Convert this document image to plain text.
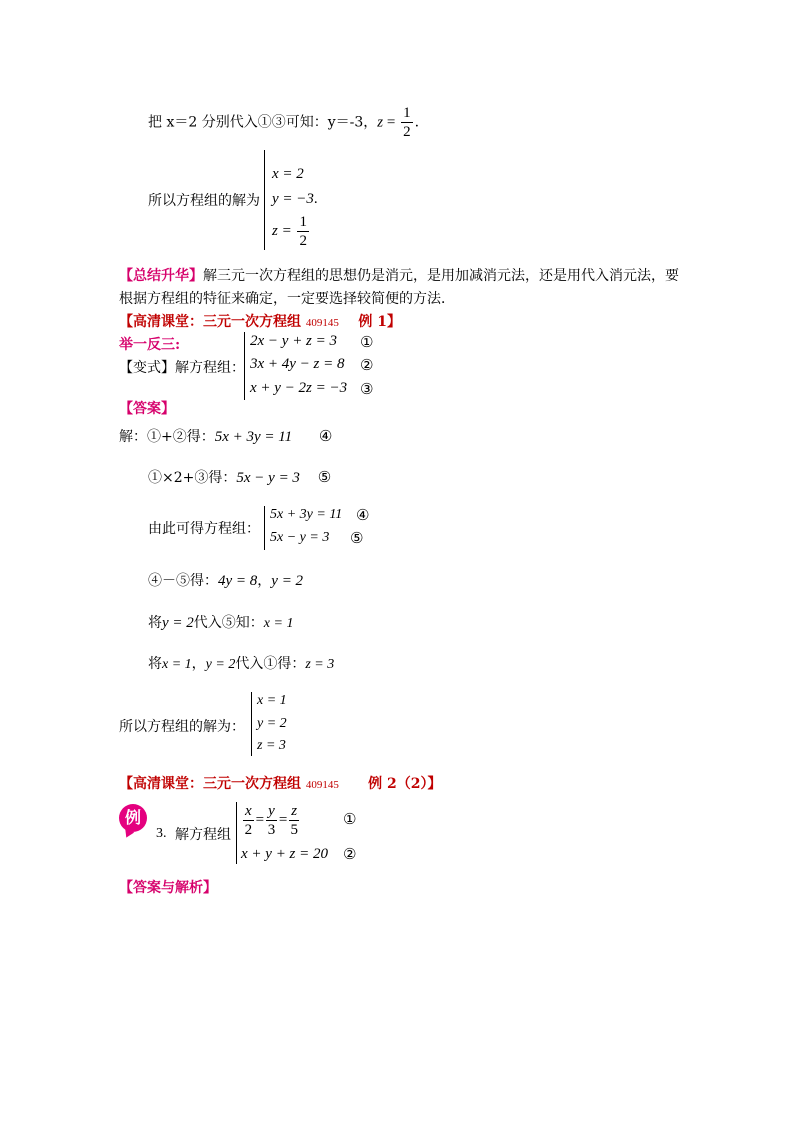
把 x＝2 分别代入①③可知：y＝-3，$z = \frac{1}{2}$ .
所以方程组的解为
x = 2
y = −3.
$z = \frac{1}{2}$
【总结升华】解三元一次方程组的思想仍是消元，是用加减消元法，还是用代入消元法，要
根据方程组的特征来确定，一定要选择较简便的方法．
【高清课堂：三元一次方程组 409145 例 1】
举一反三:
【变式】解方程组：
2x − y + z = 3 ①
3x + 4y − z = 8 ②
x + y − 2z = −3 ③
【答案】
解：①+②得：5x + 3y = 11 ④
①×2+③得：5x − y = 3 ⑤
由此可得方程组：
5x + 3y = 11 ④
5x − y = 3 ⑤
④－⑤得：4y = 8，y = 2
将y = 2代入⑤知：x = 1
将x = 1，y = 2代入①得：z = 3
所以方程组的解为：
x = 1
y = 2
z = 3
【高清课堂：三元一次方程组 409145 例 2（2）】
例
3. 解方程组 $\frac{x}{2} = \frac{y}{3} = \frac{z}{5}$	①
x + y + z = 20 ②
【答案与解析】
